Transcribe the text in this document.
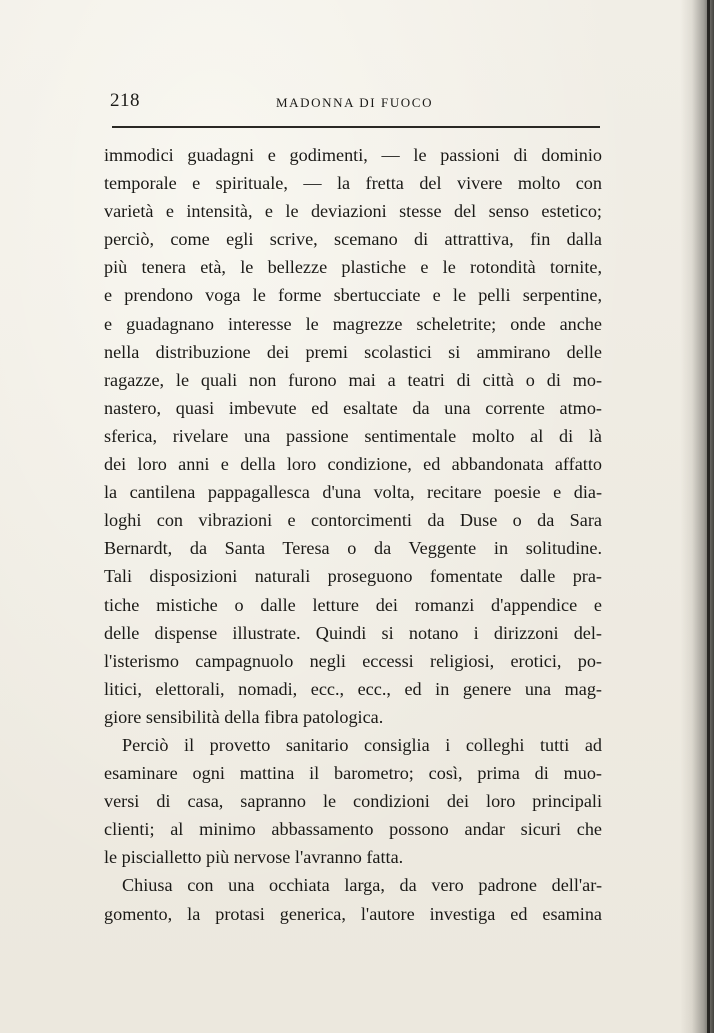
218	MADONNA DI FUOCO
immodici guadagni e godimenti, — le passioni di dominio
temporale e spirituale, — la fretta del vivere molto con
varietà e intensità, e le deviazioni stesse del senso estetico;
perciò, come egli scrive, scemano di attrattiva, fin dalla
più tenera età, le bellezze plastiche e le rotondità tornite,
e prendono voga le forme sbertucciate e le pelli serpentine,
e guadagnano interesse le magrezze scheletrite; onde anche
nella distribuzione dei premi scolastici si ammirano delle
ragazze, le quali non furono mai a teatri di città o di mo-
nastero, quasi imbevute ed esaltate da una corrente atmo-
sferica, rivelare una passione sentimentale molto al di là
dei loro anni e della loro condizione, ed abbandonata affatto
la cantilena pappagallesca d'una volta, recitare poesie e dia-
loghi con vibrazioni e contorcimenti da Duse o da Sara
Bernardt, da Santa Teresa o da Veggente in solitudine.
Tali disposizioni naturali proseguono fomentate dalle pra-
tiche mistiche o dalle letture dei romanzi d'appendice e
delle dispense illustrate. Quindi si notano i dirizzoni del-
l'isterismo campagnuolo negli eccessi religiosi, erotici, po-
litici, elettorali, nomadi, ecc., ecc., ed in genere una mag-
giore sensibilità della fibra patologica.
Perciò il provetto sanitario consiglia i colleghi tutti ad
esaminare ogni mattina il barometro; così, prima di muo-
versi di casa, sapranno le condizioni dei loro principali
clienti; al minimo abbassamento possono andar sicuri che
le piscialletto più nervose l'avranno fatta.
Chiusa con una occhiata larga, da vero padrone dell'ar-
gomento, la protasi generica, l'autore investiga ed esamina
